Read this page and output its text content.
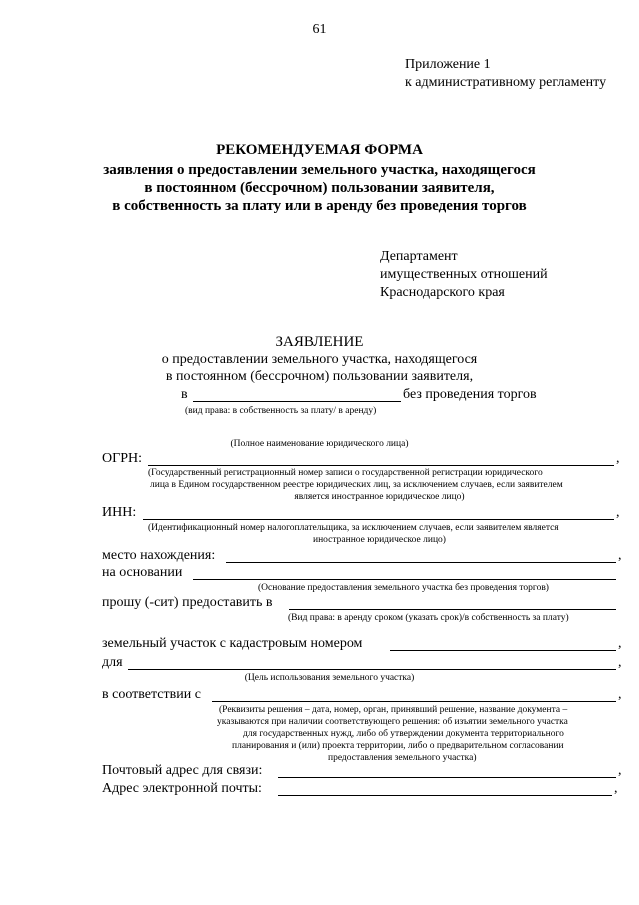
61
Приложение 1
к административному регламенту
РЕКОМЕНДУЕМАЯ ФОРМА
заявления о предоставлении земельного участка, находящегося
в постоянном (бессрочном) пользовании заявителя,
в собственность за плату или в аренду без проведения торгов
Департамент
имущественных отношений
Краснодарского края
ЗАЯВЛЕНИЕ
о предоставлении земельного участка, находящегося
в постоянном (бессрочном) пользовании заявителя,
в	без проведения торгов
(вид права: в собственность за плату/ в аренду)
(Полное наименование юридического лица)
ОГРН:	,
(Государственный регистрационный номер записи о государственной регистрации юридического
лица в Едином государственном реестре юридических лиц, за исключением случаев, если заявителем
является иностранное юридическое лицо)
ИНН:	,
(Идентификационный номер налогоплательщика, за исключением случаев, если заявителем является
иностранное юридическое лицо)
место нахождения:	,
на основании
(Основание предоставления земельного участка без проведения торгов)
прошу (-сит) предоставить в
(Вид права: в аренду сроком (указать срок)/в собственность за плату)
земельный участок с кадастровым номером	,
для	,
(Цель использования земельного участка)
в соответствии с	,
(Реквизиты решения – дата, номер, орган, принявший решение, название документа –
указываются при наличии соответствующего решения: об изъятии земельного участка
для государственных нужд, либо об утверждении документа территориального
планирования и (или) проекта территории, либо о предварительном согласовании
предоставления земельного участка)
Почтовый адрес для связи:	,
Адрес электронной почты:	,
